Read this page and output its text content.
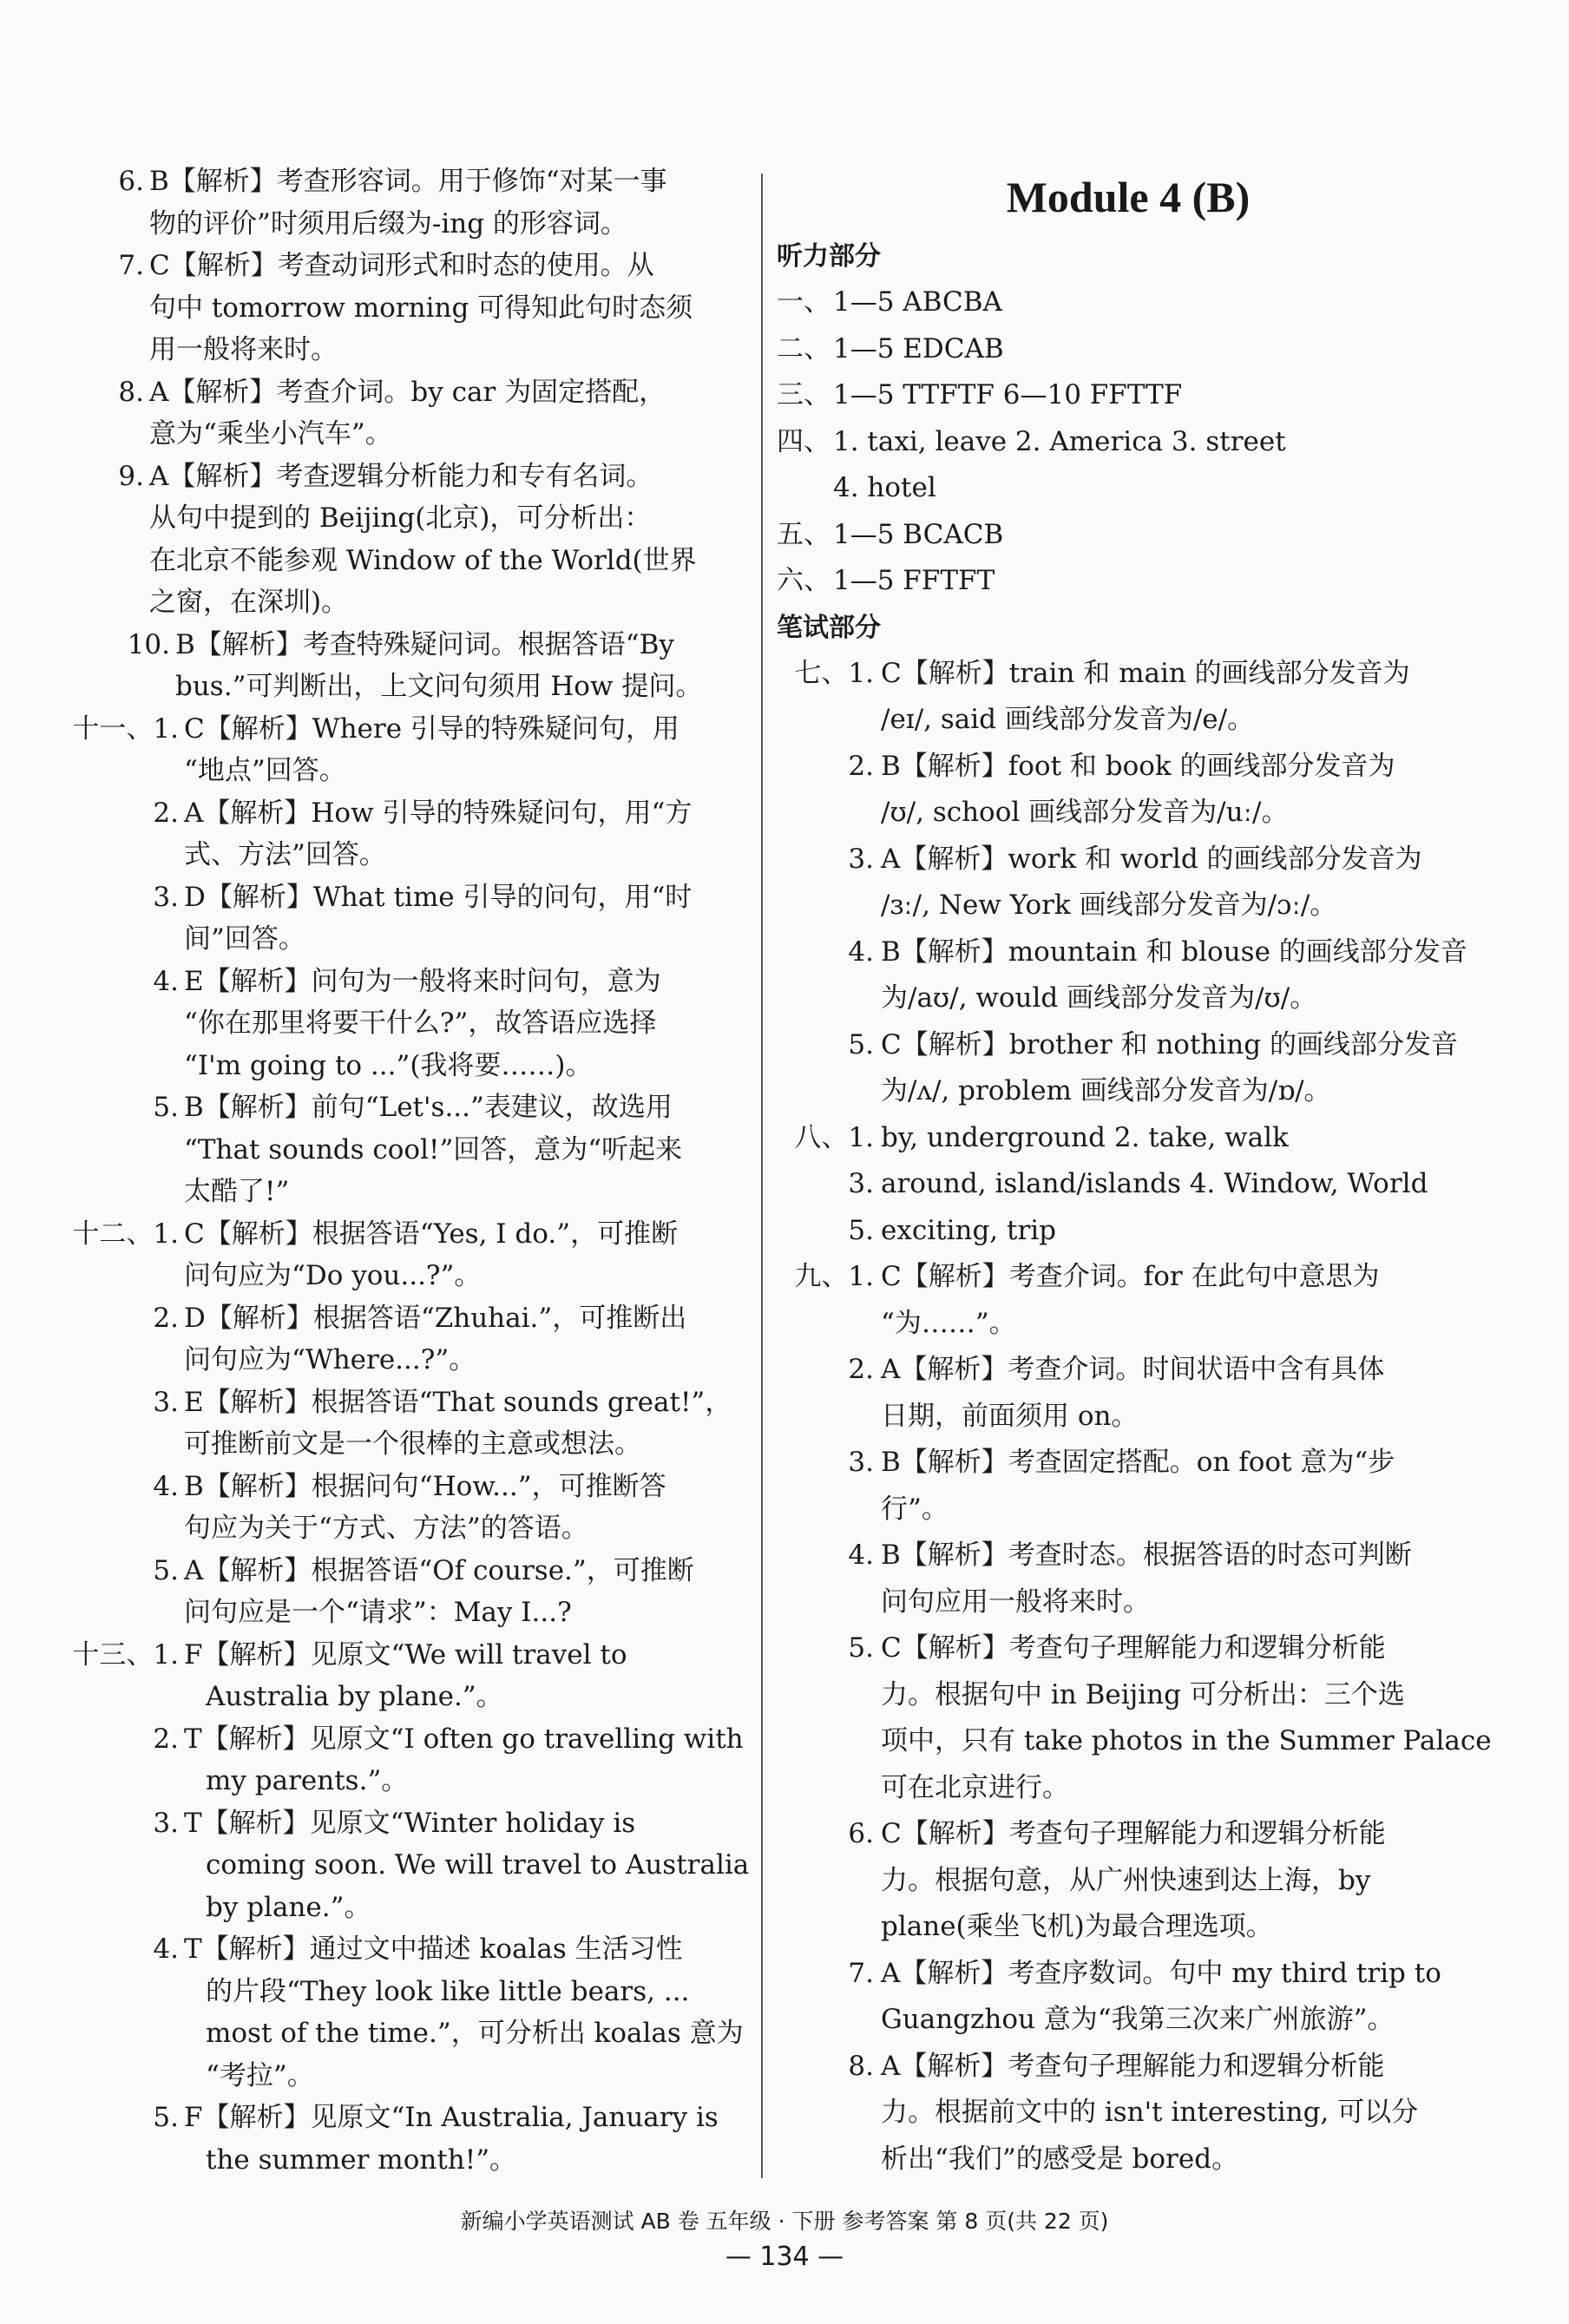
6. B【解析】考查形容词。用于修饰“对某一事
物的评价”时须用后缀为-ing 的形容词。
7. C【解析】考查动词形式和时态的使用。从
句中 tomorrow morning 可得知此句时态须
用一般将来时。
8. A【解析】考查介词。by car 为固定搭配，
意为“乘坐小汽车”。
9. A【解析】考查逻辑分析能力和专有名词。
从句中提到的 Beijing(北京)，可分析出：
在北京不能参观 Window of the World(世界
之窗，在深圳)。
10. B【解析】考查特殊疑问词。根据答语“By
bus.”可判断出，上文问句须用 How 提问。
十一、1. C【解析】Where 引导的特殊疑问句，用
“地点”回答。
2. A【解析】How 引导的特殊疑问句，用“方
式、方法”回答。
3. D【解析】What time 引导的问句，用“时
间”回答。
4. E【解析】问句为一般将来时问句，意为
“你在那里将要干什么?”，故答语应选择
“I'm going to ...”(我将要……)。
5. B【解析】前句“Let's...”表建议，故选用
“That sounds cool!”回答，意为“听起来
太酷了!”
十二、1. C【解析】根据答语“Yes, I do.”，可推断
问句应为“Do you...?”。
2. D【解析】根据答语“Zhuhai.”，可推断出
问句应为“Where...?”。
3. E【解析】根据答语“That sounds great!”，
可推断前文是一个很棒的主意或想法。
4. B【解析】根据问句“How...”，可推断答
句应为关于“方式、方法”的答语。
5. A【解析】根据答语“Of course.”，可推断
问句应是一个“请求”：May I...?
十三、1. F【解析】见原文“We will travel to
Australia by plane.”。
2. T【解析】见原文“I often go travelling with
my parents.”。
3. T【解析】见原文“Winter holiday is
coming soon. We will travel to Australia
by plane.”。
4. T【解析】通过文中描述 koalas 生活习性
的片段“They look like little bears, ...
most of the time.”，可分析出 koalas 意为
“考拉”。
5. F【解析】见原文“In Australia, January is
the summer month!”。
Module 4 (B)
听力部分
一、 1—5 ABCBA
二、 1—5 EDCAB
三、 1—5 TTFTF 6—10 FFTTF
四、 1. taxi, leave 2. America 3. street
4. hotel
五、 1—5 BCACB
六、 1—5 FFTFT
笔试部分
七、1. C【解析】train 和 main 的画线部分发音为
/eɪ/, said 画线部分发音为/e/。
2. B【解析】foot 和 book 的画线部分发音为
/ʊ/, school 画线部分发音为/uː/。
3. A【解析】work 和 world 的画线部分发音为
/ɜː/, New York 画线部分发音为/ɔː/。
4. B【解析】mountain 和 blouse 的画线部分发音
为/aʊ/, would 画线部分发音为/ʊ/。
5. C【解析】brother 和 nothing 的画线部分发音
为/ʌ/, problem 画线部分发音为/ɒ/。
八、1. by, underground 2. take, walk
3. around, island/islands 4. Window, World
5. exciting, trip
九、1. C【解析】考查介词。for 在此句中意思为
“为……”。
2. A【解析】考查介词。时间状语中含有具体
日期，前面须用 on。
3. B【解析】考查固定搭配。on foot 意为“步
行”。
4. B【解析】考查时态。根据答语的时态可判断
问句应用一般将来时。
5. C【解析】考查句子理解能力和逻辑分析能
力。根据句中 in Beijing 可分析出：三个选
项中，只有 take photos in the Summer Palace
可在北京进行。
6. C【解析】考查句子理解能力和逻辑分析能
力。根据句意，从广州快速到达上海，by
plane(乘坐飞机)为最合理选项。
7. A【解析】考查序数词。句中 my third trip to
Guangzhou 意为“我第三次来广州旅游”。
8. A【解析】考查句子理解能力和逻辑分析能
力。根据前文中的 isn't interesting, 可以分
析出“我们”的感受是 bored。
新编小学英语测试 AB 卷 五年级 · 下册 参考答案 第 8 页(共 22 页)
— 134 —
